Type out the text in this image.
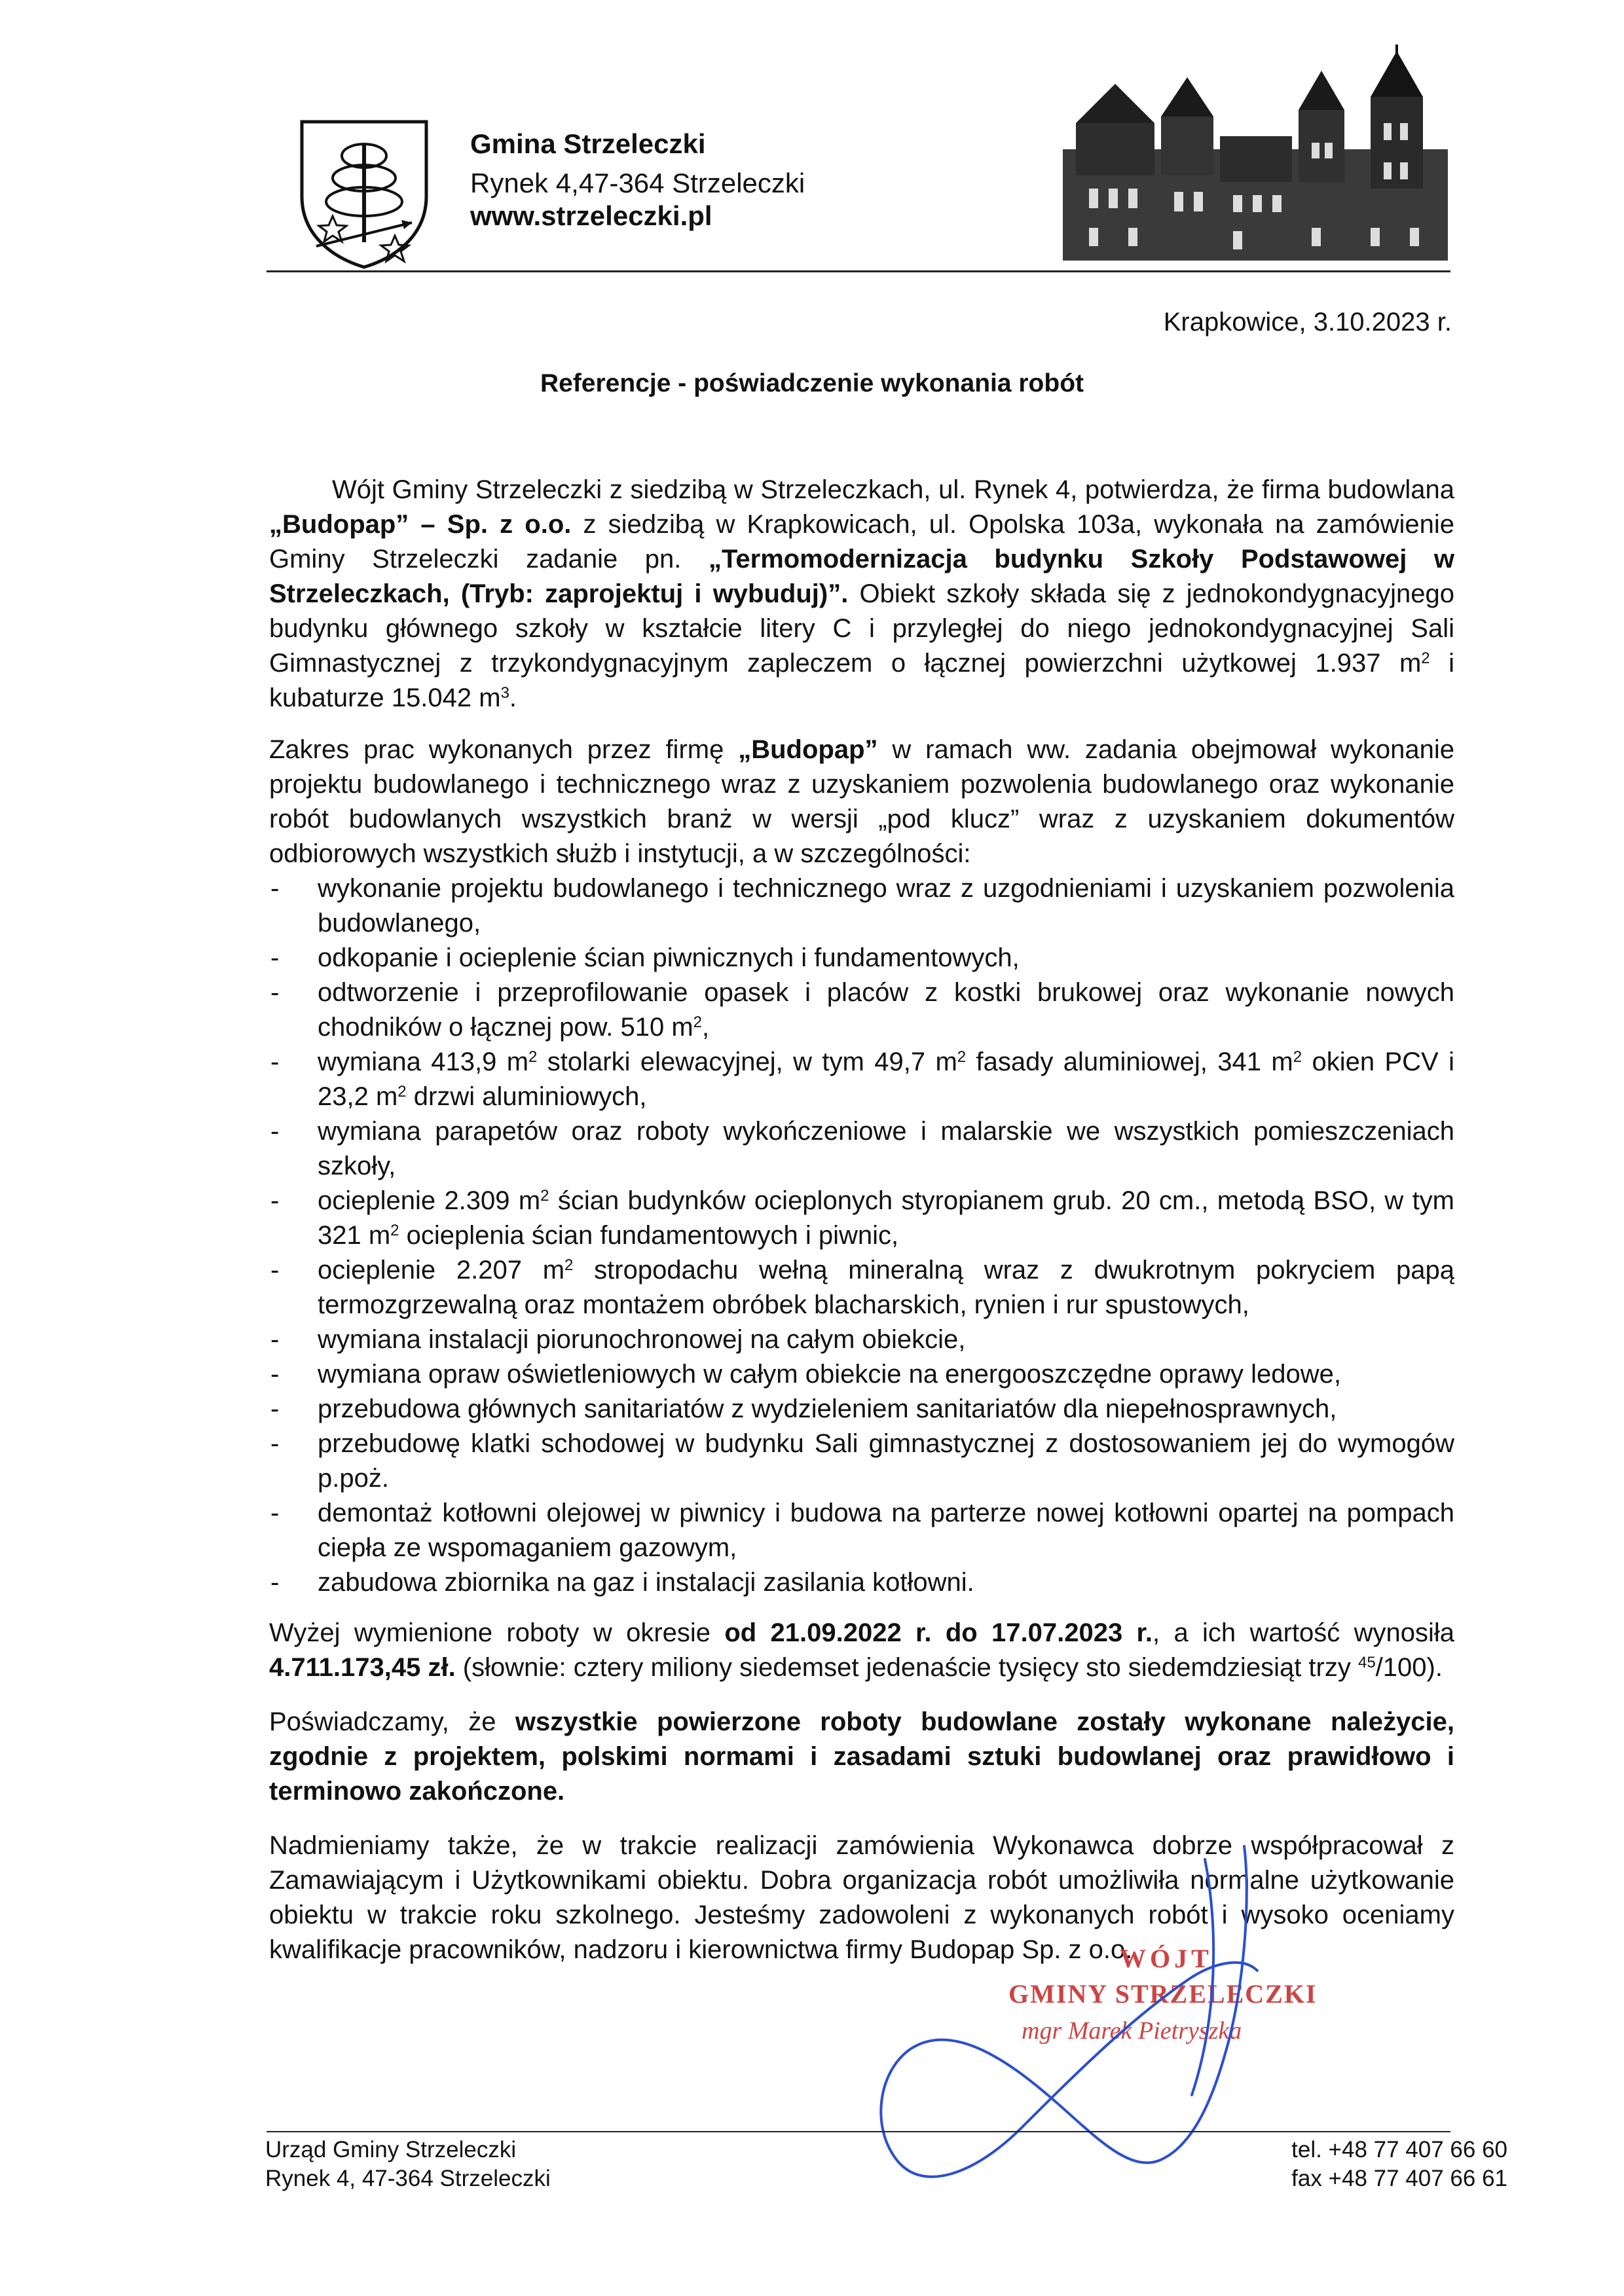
Gmina Strzeleczki
Rynek 4,47-364 Strzeleczki
www.strzeleczki.pl
Krapkowice, 3.10.2023 r.
Referencje - poświadczenie wykonania robót

Wójt Gminy Strzeleczki z siedzibą w Strzeleczkach, ul. Rynek 4, potwierdza, że firma budowlana „Budopap” – Sp. z o.o. z siedzibą w Krapkowicach, ul. Opolska 103a, wykonała na zamówienie Gminy Strzeleczki zadanie pn. „Termomodernizacja budynku Szkoły Podstawowej w Strzeleczkach, (Tryb: zaprojektuj i wybuduj)”. Obiekt szkoły składa się z jednokondygnacyjnego budynku głównego szkoły w kształcie litery C i przyległej do niego jednokondygnacyjnej Sali Gimnastycznej z trzykondygnacyjnym zapleczem o łącznej powierzchni użytkowej 1.937 $m^2$ i kubaturze 15.042 $m^3$.

Zakres prac wykonanych przez firmę „Budopap” w ramach ww. zadania obejmował wykonanie projektu budowlanego i technicznego wraz z uzyskaniem pozwolenia budowlanego oraz wykonanie robót budowlanych wszystkich branż w wersji „pod klucz” wraz z uzyskaniem dokumentów odbiorowych wszystkich służb i instytucji, a w szczególności:

- wykonanie projektu budowlanego i technicznego wraz z uzgodnieniami i uzyskaniem pozwolenia budowlanego,
- odkopanie i ocieplenie ścian piwnicznych i fundamentowych,
- odtworzenie i przeprofilowanie opasek i placów z kostki brukowej oraz wykonanie nowych chodników o łącznej pow. 510 $m^2$,
- wymiana 413,9 $m^2$ stolarki elewacyjnej, w tym 49,7 $m^2$ fasady aluminiowej, 341 $m^2$ okien PCV i 23,2 $m^2$ drzwi aluminiowych,
- wymiana parapetów oraz roboty wykończeniowe i malarskie we wszystkich pomieszczeniach szkoły,
- ocieplenie 2.309 $m^2$ ścian budynków ocieplonych styropianem grub. 20 cm., metodą BSO, w tym 321 $m^2$ ocieplenia ścian fundamentowych i piwnic,
- ocieplenie 2.207 $m^2$ stropodachu wełną mineralną wraz z dwukrotnym pokryciem papą termozgrzewalną oraz montażem obróbek blacharskich, rynien i rur spustowych,
- wymiana instalacji piorunochronowej na całym obiekcie,
- wymiana opraw oświetleniowych w całym obiekcie na energooszczędne oprawy ledowe,
- przebudowa głównych sanitariatów z wydzieleniem sanitariatów dla niepełnosprawnych,
- przebudowę klatki schodowej w budynku Sali gimnastycznej z dostosowaniem jej do wymogów p.poż.
- demontaż kotłowni olejowej w piwnicy i budowa na parterze nowej kotłowni opartej na pompach ciepła ze wspomaganiem gazowym,
- zabudowa zbiornika na gaz i instalacji zasilania kotłowni.

Wyżej wymienione roboty w okresie od 21.09.2022 r. do 17.07.2023 r., a ich wartość wynosiła 4.711.173,45 zł. (słownie: cztery miliony siedemset jedenaście tysięcy sto siedemdziesiąt trzy $^{45}$/100).

Poświadczamy, że wszystkie powierzone roboty budowlane zostały wykonane należycie, zgodnie z projektem, polskimi normami i zasadami sztuki budowlanej oraz prawidłowo i terminowo zakończone.

Nadmieniamy także, że w trakcie realizacji zamówienia Wykonawca dobrze współpracował z Zamawiającym i Użytkownikami obiektu. Dobra organizacja robót umożliwiła normalne użytkowanie obiektu w trakcie roku szkolnego. Jesteśmy zadowoleni z wykonanych robót i wysoko oceniamy kwalifikacje pracowników, nadzoru i kierownictwa firmy Budopap Sp. z o.o.

WÓJT
GMINY STRZELECZKI
mgr Marek Pietryszka
Urząd Gminy Strzeleczki
Rynek 4, 47-364 Strzeleczki
tel. +48 77 407 66 60
fax +48 77 407 66 61
